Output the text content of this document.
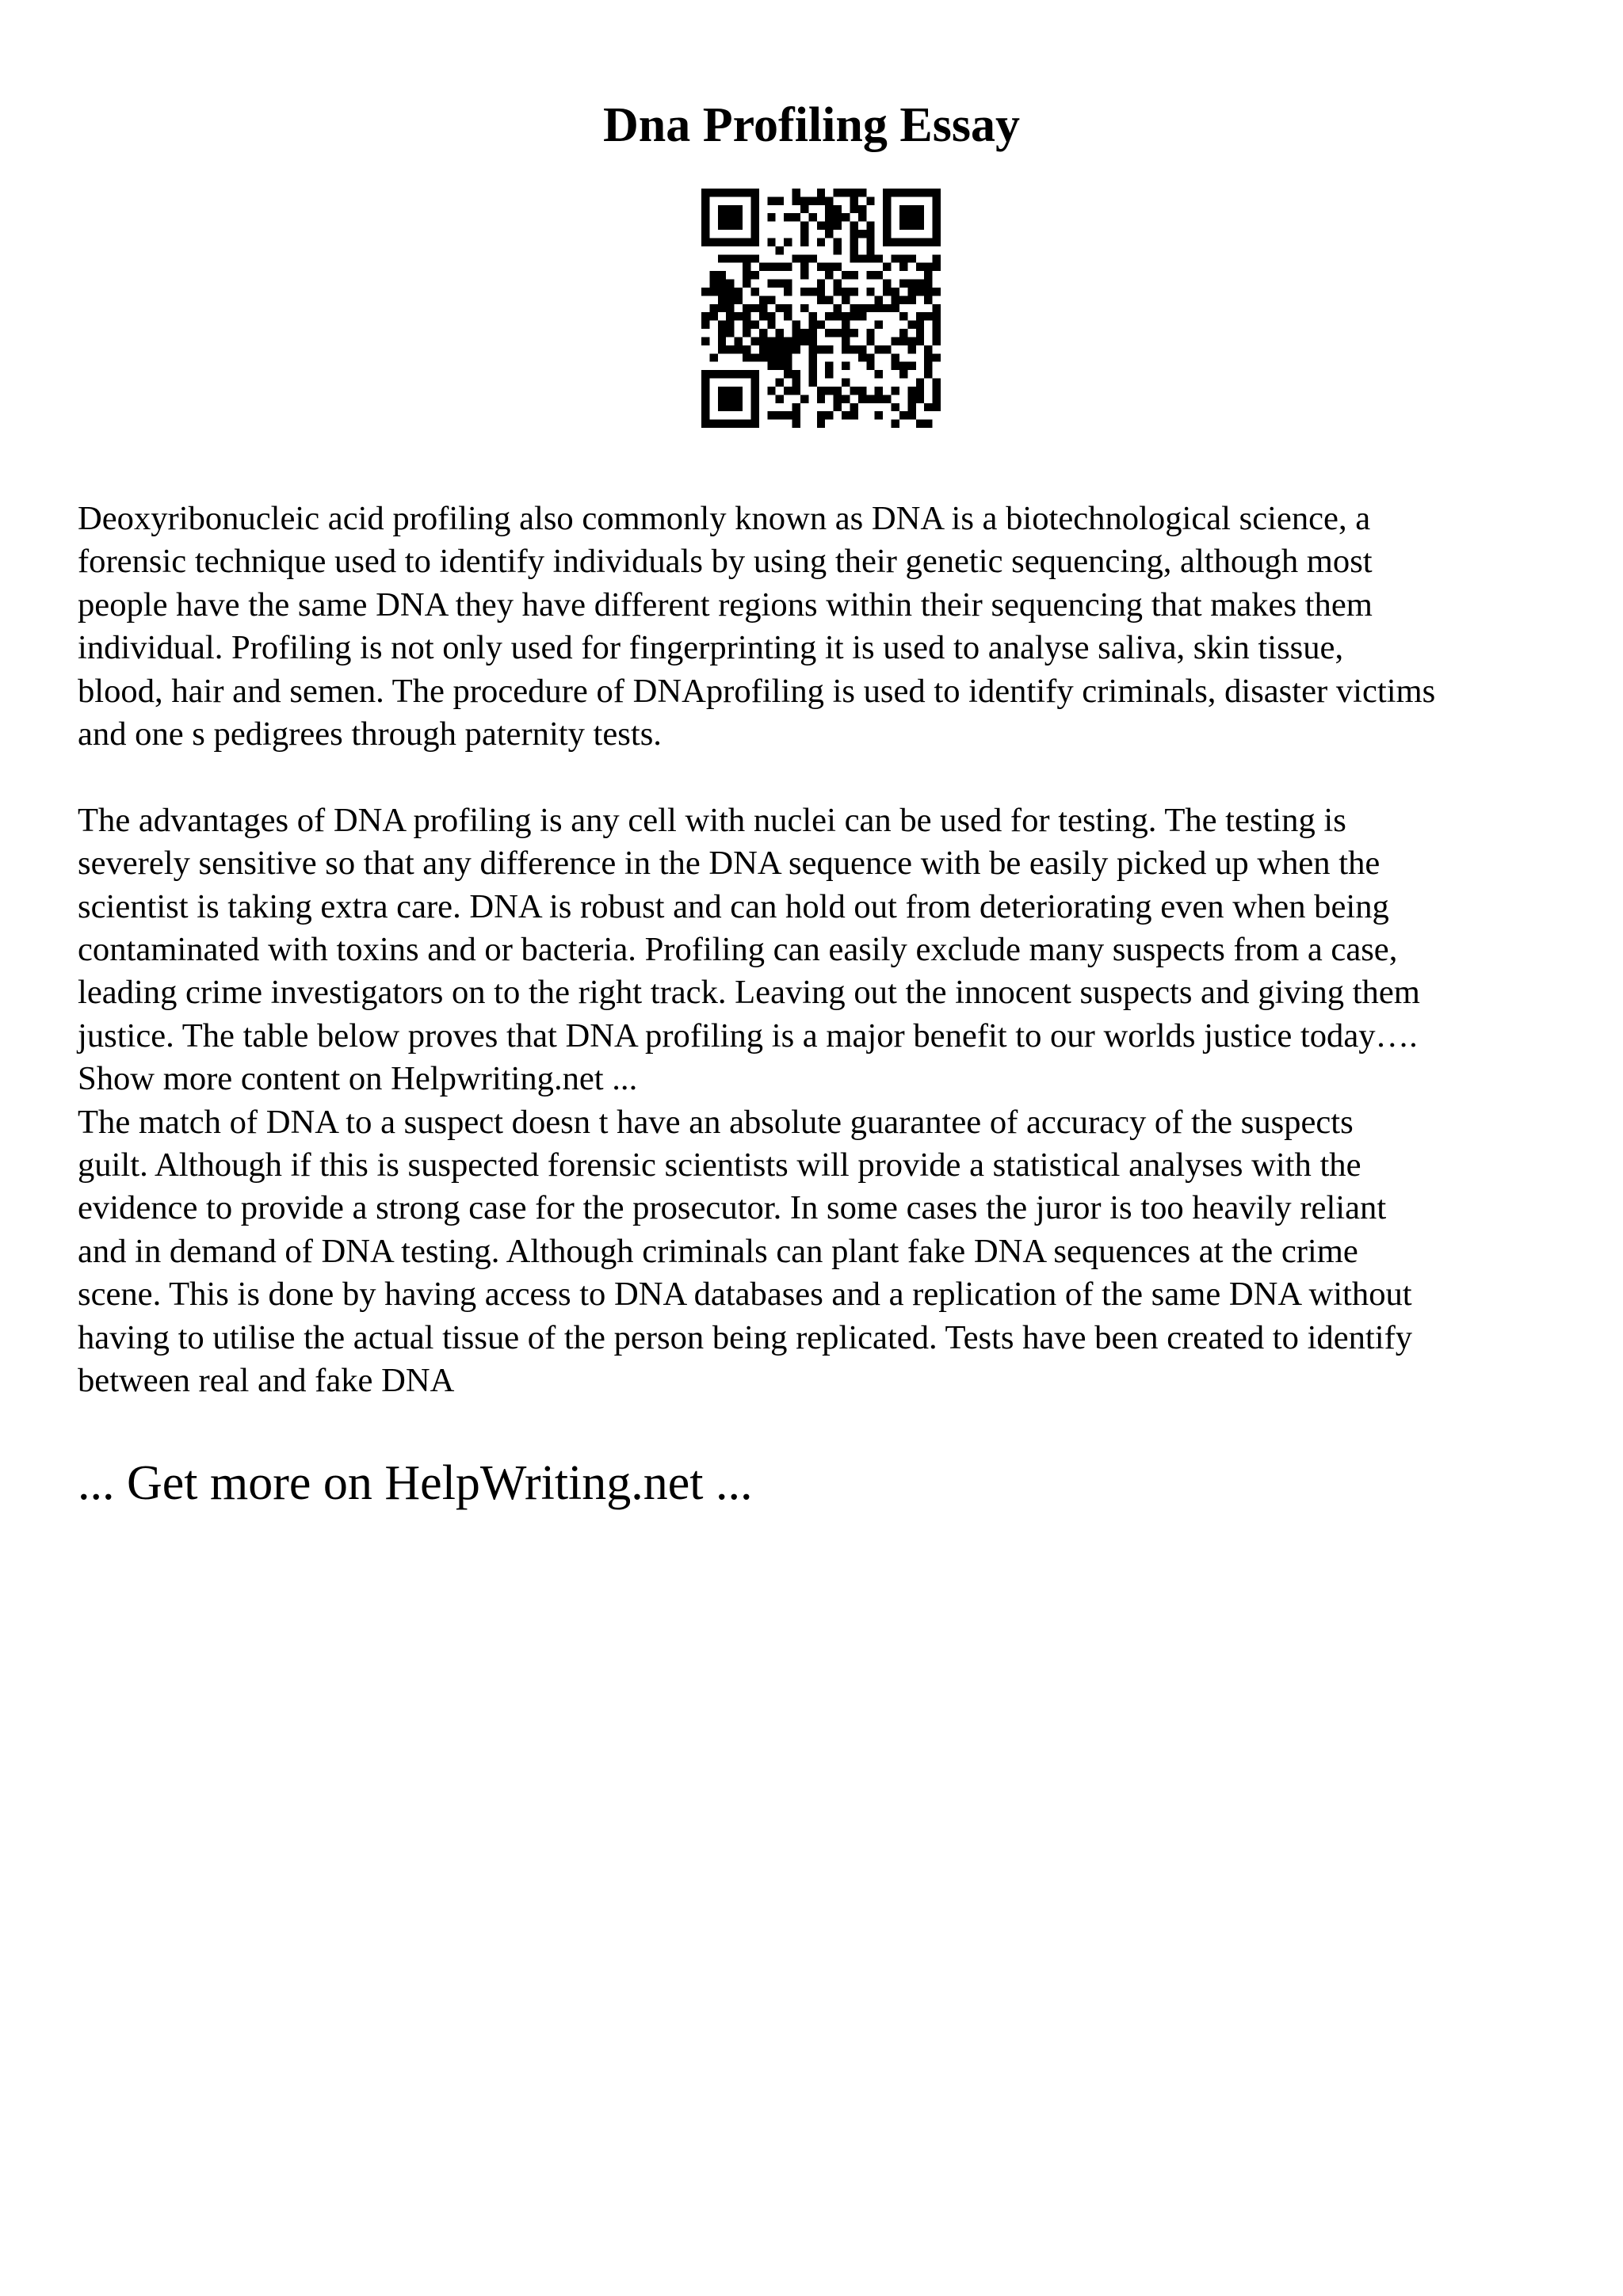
Dna Profiling Essay

Deoxyribonucleic acid profiling also commonly known as DNA is a biotechnological science, a
forensic technique used to identify individuals by using their genetic sequencing, although most
people have the same DNA they have different regions within their sequencing that makes them
individual. Profiling is not only used for fingerprinting it is used to analyse saliva, skin tissue,
blood, hair and semen. The procedure of DNAprofiling is used to identify criminals, disaster victims
and one s pedigrees through paternity tests.

The advantages of DNA profiling is any cell with nuclei can be used for testing. The testing is
severely sensitive so that any difference in the DNA sequence with be easily picked up when the
scientist is taking extra care. DNA is robust and can hold out from deteriorating even when being
contaminated with toxins and or bacteria. Profiling can easily exclude many suspects from a case,
leading crime investigators on to the right track. Leaving out the innocent suspects and giving them
justice. The table below proves that DNA profiling is a major benefit to our worlds justice today….

Show more content on Helpwriting.net ...

The match of DNA to a suspect doesn t have an absolute guarantee of accuracy of the suspects
guilt. Although if this is suspected forensic scientists will provide a statistical analyses with the
evidence to provide a strong case for the prosecutor. In some cases the juror is too heavily reliant
and in demand of DNA testing. Although criminals can plant fake DNA sequences at the crime
scene. This is done by having access to DNA databases and a replication of the same DNA without
having to utilise the actual tissue of the person being replicated. Tests have been created to identify
between real and fake DNA

... Get more on HelpWriting.net ...
